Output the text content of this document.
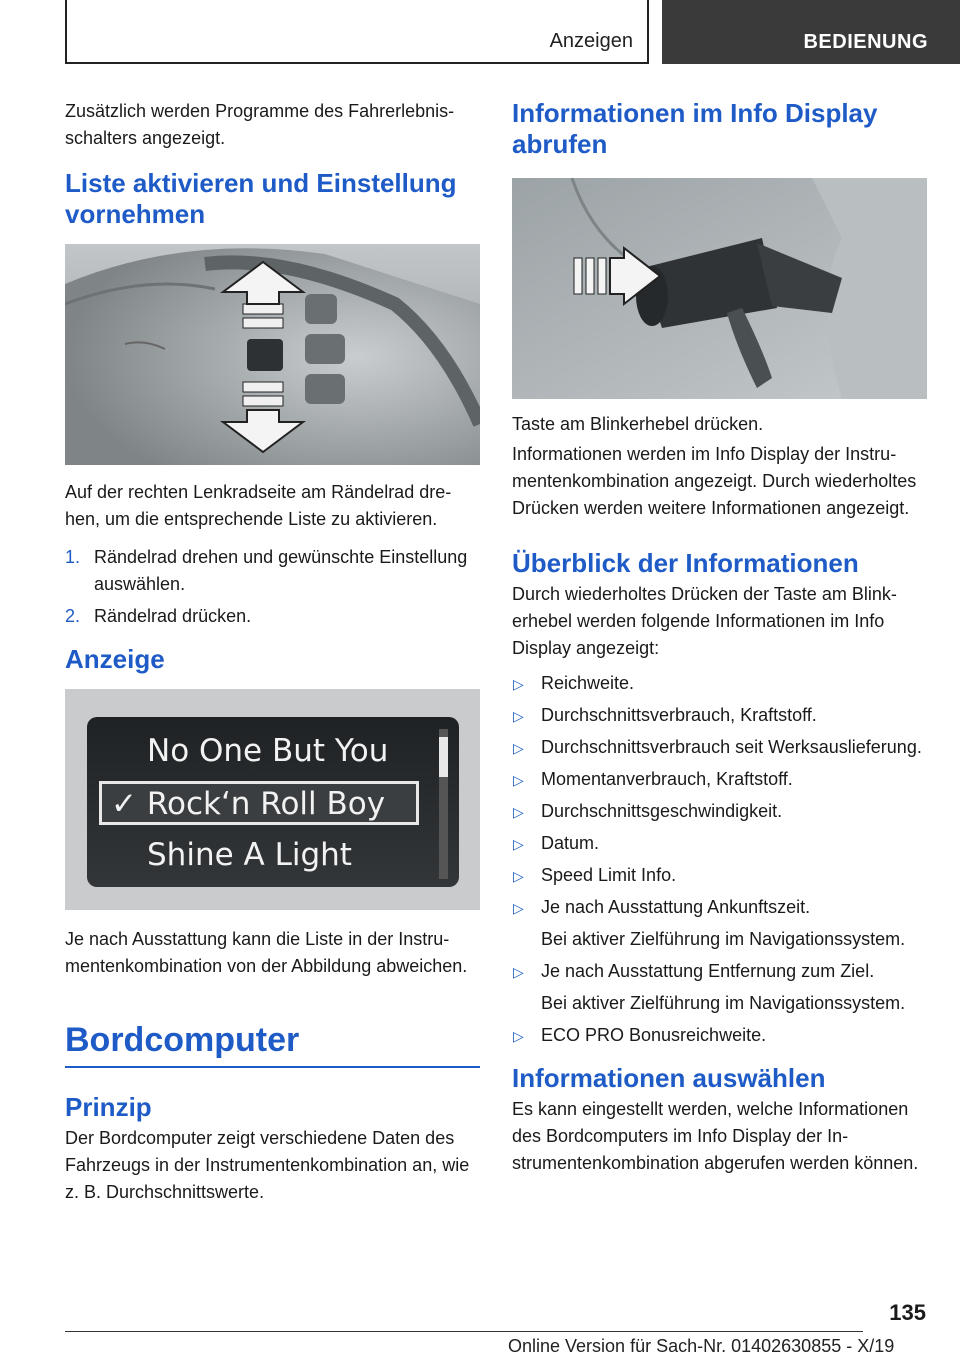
Anzeigen	BEDIENUNG

Zusätzlich werden Programme des Fahrerlebnisschalters angezeigt.

Liste aktivieren und Einstellung vornehmen

Auf der rechten Lenkradseite am Rändelrad drehen, um die entsprechende Liste zu aktivieren.

1. Rändelrad drehen und gewünschte Einstellung auswählen.
2. Rändelrad drücken.
Anzeige
No One But You
✓ Rock‘n Roll Boy
Shine A Light

Je nach Ausstattung kann die Liste in der Instrumentenkombination von der Abbildung abweichen.

Bordcomputer
Prinzip

Der Bordcomputer zeigt verschiedene Daten des Fahrzeugs in der Instrumentenkombination an, wie z. B. Durchschnittswerte.

Informationen im Info Display abrufen

Taste am Blinkerhebel drücken.

Informationen werden im Info Display der Instrumentenkombination angezeigt. Durch wiederholtes Drücken werden weitere Informationen angezeigt.

Überblick der Informationen

Durch wiederholtes Drücken der Taste am Blinkerhebel werden folgende Informationen im Info Display angezeigt:

▷ Reichweite.
▷ Durchschnittsverbrauch, Kraftstoff.
▷ Durchschnittsverbrauch seit Werksauslieferung.
▷ Momentanverbrauch, Kraftstoff.
▷ Durchschnittsgeschwindigkeit.
▷ Datum.
▷ Speed Limit Info.
▷ Je nach Ausstattung Ankunftszeit.
Bei aktiver Zielführung im Navigationssystem.
▷ Je nach Ausstattung Entfernung zum Ziel.
Bei aktiver Zielführung im Navigationssystem.
▷ ECO PRO Bonusreichweite.
Informationen auswählen

Es kann eingestellt werden, welche Informationen des Bordcomputers im Info Display der Instrumentenkombination abgerufen werden können.

135
Online Version für Sach-Nr. 01402630855 - X/19
